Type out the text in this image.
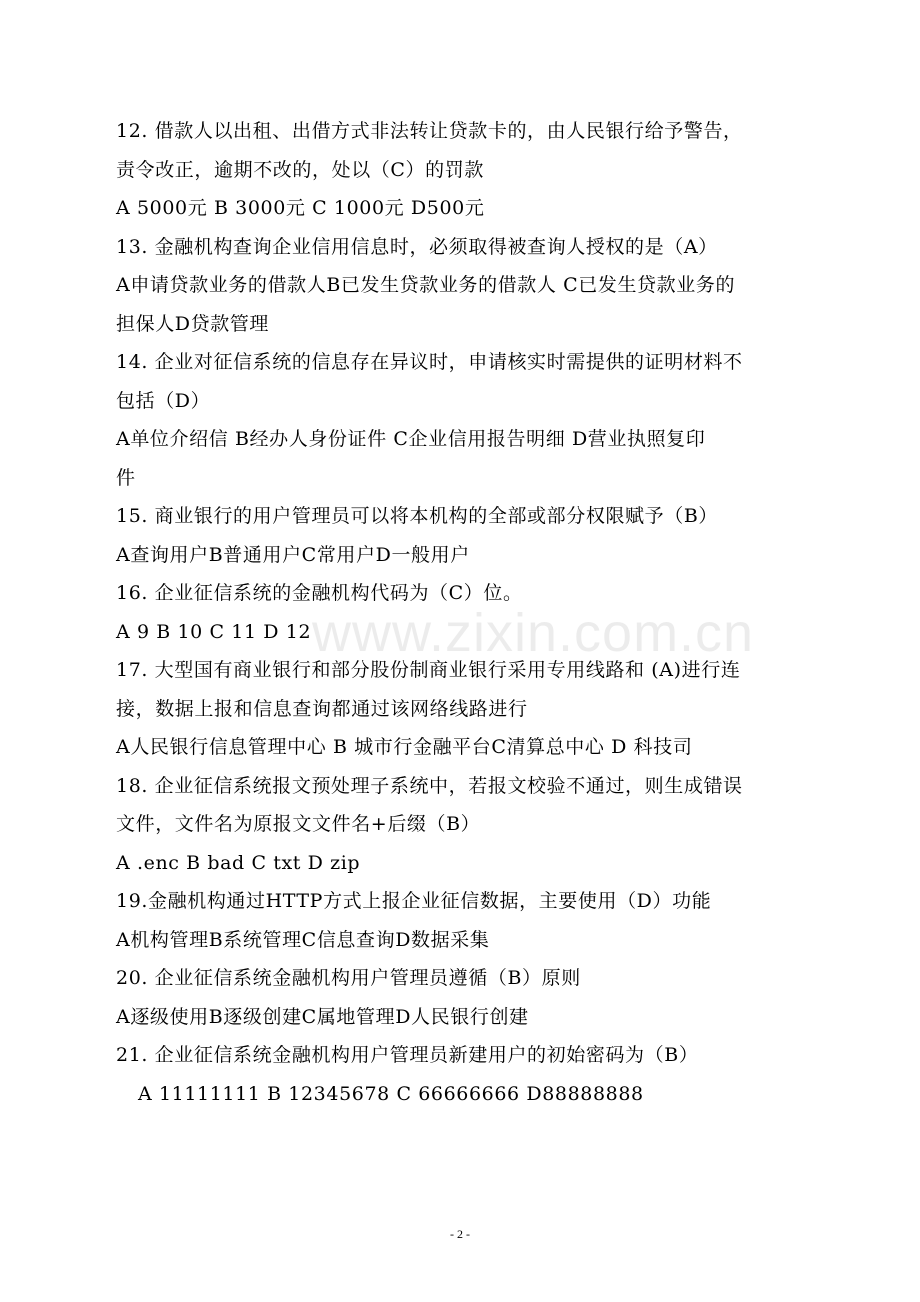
www.zixin.com.cn
12. 借款人以出租、出借方式非法转让贷款卡的，由人民银行给予警告，
责令改正，逾期不改的，处以（C）的罚款
A 5000元 B 3000元 C 1000元 D500元
13. 金融机构查询企业信用信息时，必须取得被查询人授权的是（A）
A申请贷款业务的借款人B已发生贷款业务的借款人 C已发生贷款业务的
担保人D贷款管理
14. 企业对征信系统的信息存在异议时，申请核实时需提供的证明材料不
包括（D）
A单位介绍信 B经办人身份证件 C企业信用报告明细 D营业执照复印
件
15. 商业银行的用户管理员可以将本机构的全部或部分权限赋予（B）
A查询用户B普通用户C常用户D一般用户
16. 企业征信系统的金融机构代码为（C）位。
A 9 B 10 C 11 D 12
17. 大型国有商业银行和部分股份制商业银行采用专用线路和 (A)进行连
接，数据上报和信息查询都通过该网络线路进行
A人民银行信息管理中心 B 城市行金融平台C清算总中心 D 科技司
18. 企业征信系统报文预处理子系统中，若报文校验不通过，则生成错误
文件，文件名为原报文文件名+后缀（B）
A .enc B bad C txt D zip
19.金融机构通过HTTP方式上报企业征信数据，主要使用（D）功能
A机构管理B系统管理C信息查询D数据采集
20. 企业征信系统金融机构用户管理员遵循（B）原则
A逐级使用B逐级创建C属地管理D人民银行创建
21. 企业征信系统金融机构用户管理员新建用户的初始密码为（B）
A 11111111 B 12345678 C 66666666 D88888888
- 2 -
